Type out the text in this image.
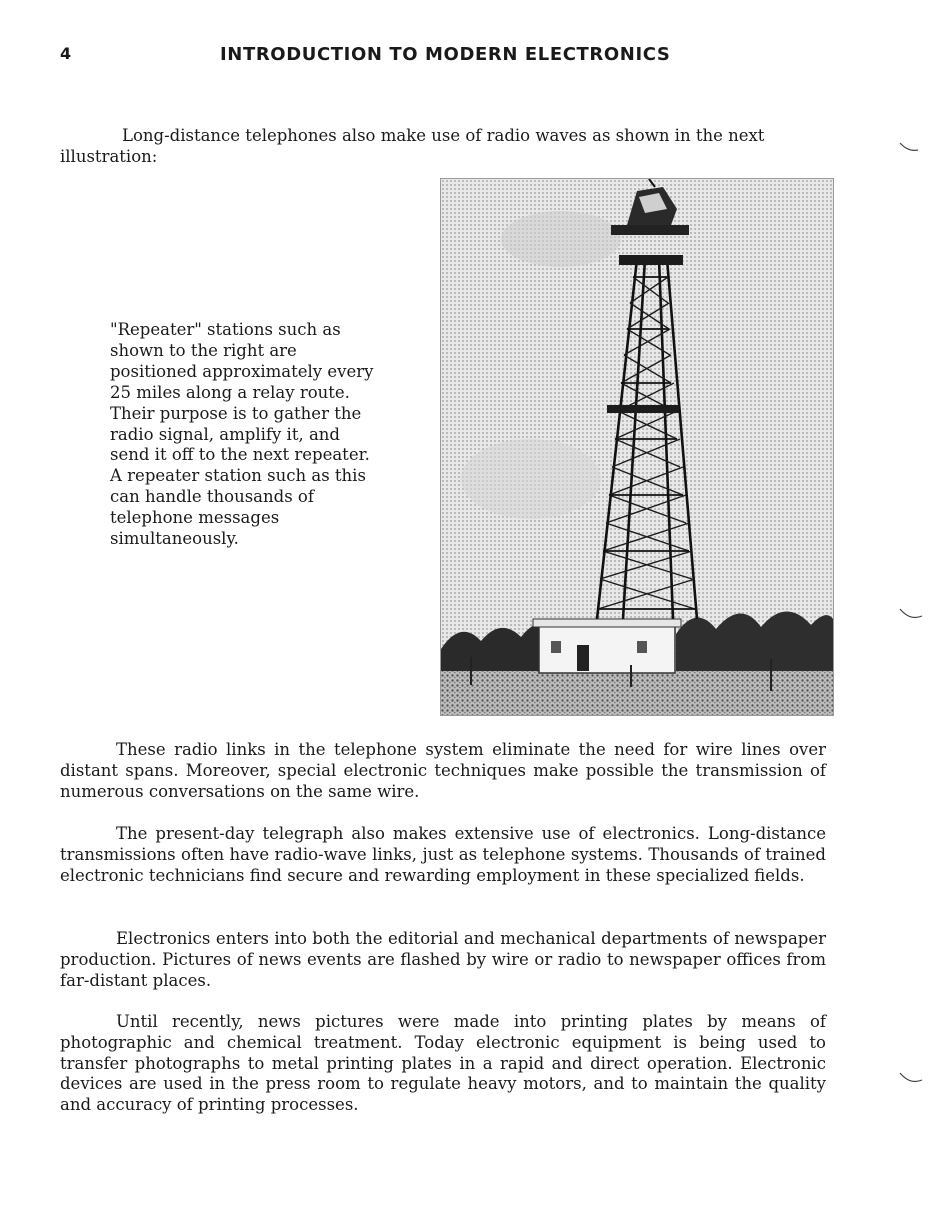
4	INTRODUCTION TO MODERN ELECTRONICS

Long-distance telephones also make use of radio waves as shown in the next illustration:

"Repeater" stations such as shown to the right are positioned approximately every 25 miles along a relay route. Their purpose is to gather the radio signal, amplify it, and send it off to the next repeater. A repeater station such as this can handle thousands of telephone messages simultaneously.

These radio links in the telephone system eliminate the need for wire lines over distant spans. Moreover, special electronic techniques make possible the transmission of numerous conversations on the same wire.

The present-day telegraph also makes extensive use of electronics. Long-distance transmissions often have radio-wave links, just as telephone systems. Thousands of trained electronic technicians find secure and rewarding employment in these specialized fields.

Electronics enters into both the editorial and mechanical departments of newspaper production. Pictures of news events are flashed by wire or radio to newspaper offices from far-distant places.

Until recently, news pictures were made into printing plates by means of photographic and chemical treatment. Today electronic equipment is being used to transfer photographs to metal printing plates in a rapid and direct operation. Electronic devices are used in the press room to regulate heavy motors, and to maintain the quality and accuracy of printing processes.
